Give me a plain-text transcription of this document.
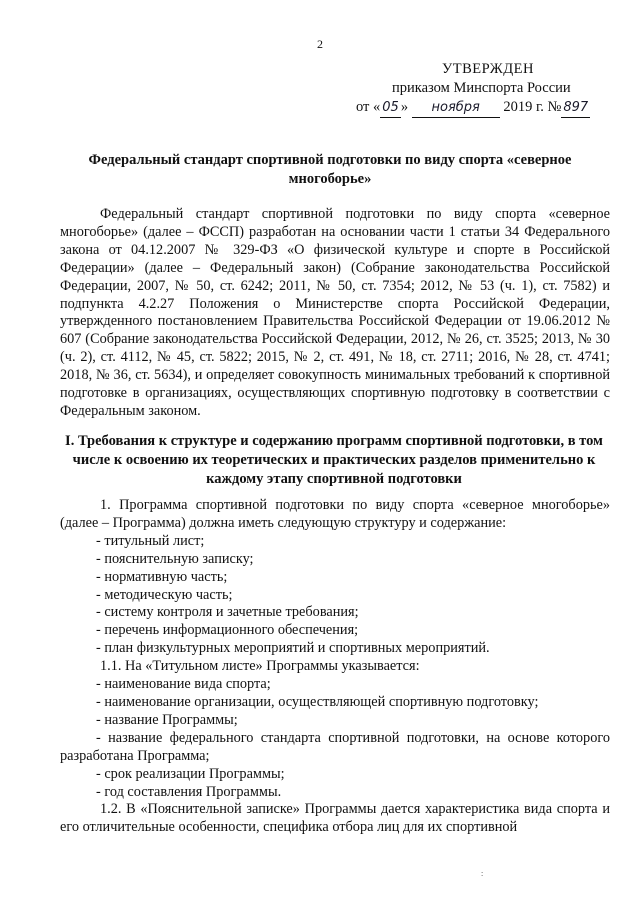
2
УТВЕРЖДЕН
приказом Минспорта России
от « 05 » ноября 2019 г. № 897
Федеральный стандарт спортивной подготовки по виду спорта «северное многоборье»
Федеральный стандарт спортивной подготовки по виду спорта «северное многоборье» (далее – ФССП) разработан на основании части 1 статьи 34 Федерального закона от 04.12.2007 № 329-ФЗ «О физической культуре и спорте в Российской Федерации» (далее – Федеральный закон) (Собрание законодательства Российской Федерации, 2007, № 50, ст. 6242; 2011, № 50, ст. 7354; 2012, № 53 (ч. 1), ст. 7582) и подпункта 4.2.27 Положения о Министерстве спорта Российской Федерации, утвержденного постановлением Правительства Российской Федерации от 19.06.2012 № 607 (Собрание законодательства Российской Федерации, 2012, № 26, ст. 3525; 2013, № 30 (ч. 2), ст. 4112, № 45, ст. 5822; 2015, № 2, ст. 491, № 18, ст. 2711; 2016, № 28, ст. 4741; 2018, № 36, ст. 5634), и определяет совокупность минимальных требований к спортивной подготовке в организациях, осуществляющих спортивную подготовку в соответствии с Федеральным законом.
I. Требования к структуре и содержанию программ спортивной подготовки, в том числе к освоению их теоретических и практических разделов применительно к каждому этапу спортивной подготовки

1. Программа спортивной подготовки по виду спорта «северное многоборье» (далее – Программа) должна иметь следующую структуру и содержание:

- титульный лист;
- пояснительную записку;
- нормативную часть;
- методическую часть;
- систему контроля и зачетные требования;
- перечень информационного обеспечения;
- план физкультурных мероприятий и спортивных мероприятий.

1.1. На «Титульном листе» Программы указывается:

- наименование вида спорта;
- наименование организации, осуществляющей спортивную подготовку;
- название Программы;
- название федерального стандарта спортивной подготовки, на основе которого разработана Программа;
- срок реализации Программы;
- год составления Программы.

1.2. В «Пояснительной записке» Программы дается характеристика вида спорта и его отличительные особенности, специфика отбора лиц для их спортивной

:
